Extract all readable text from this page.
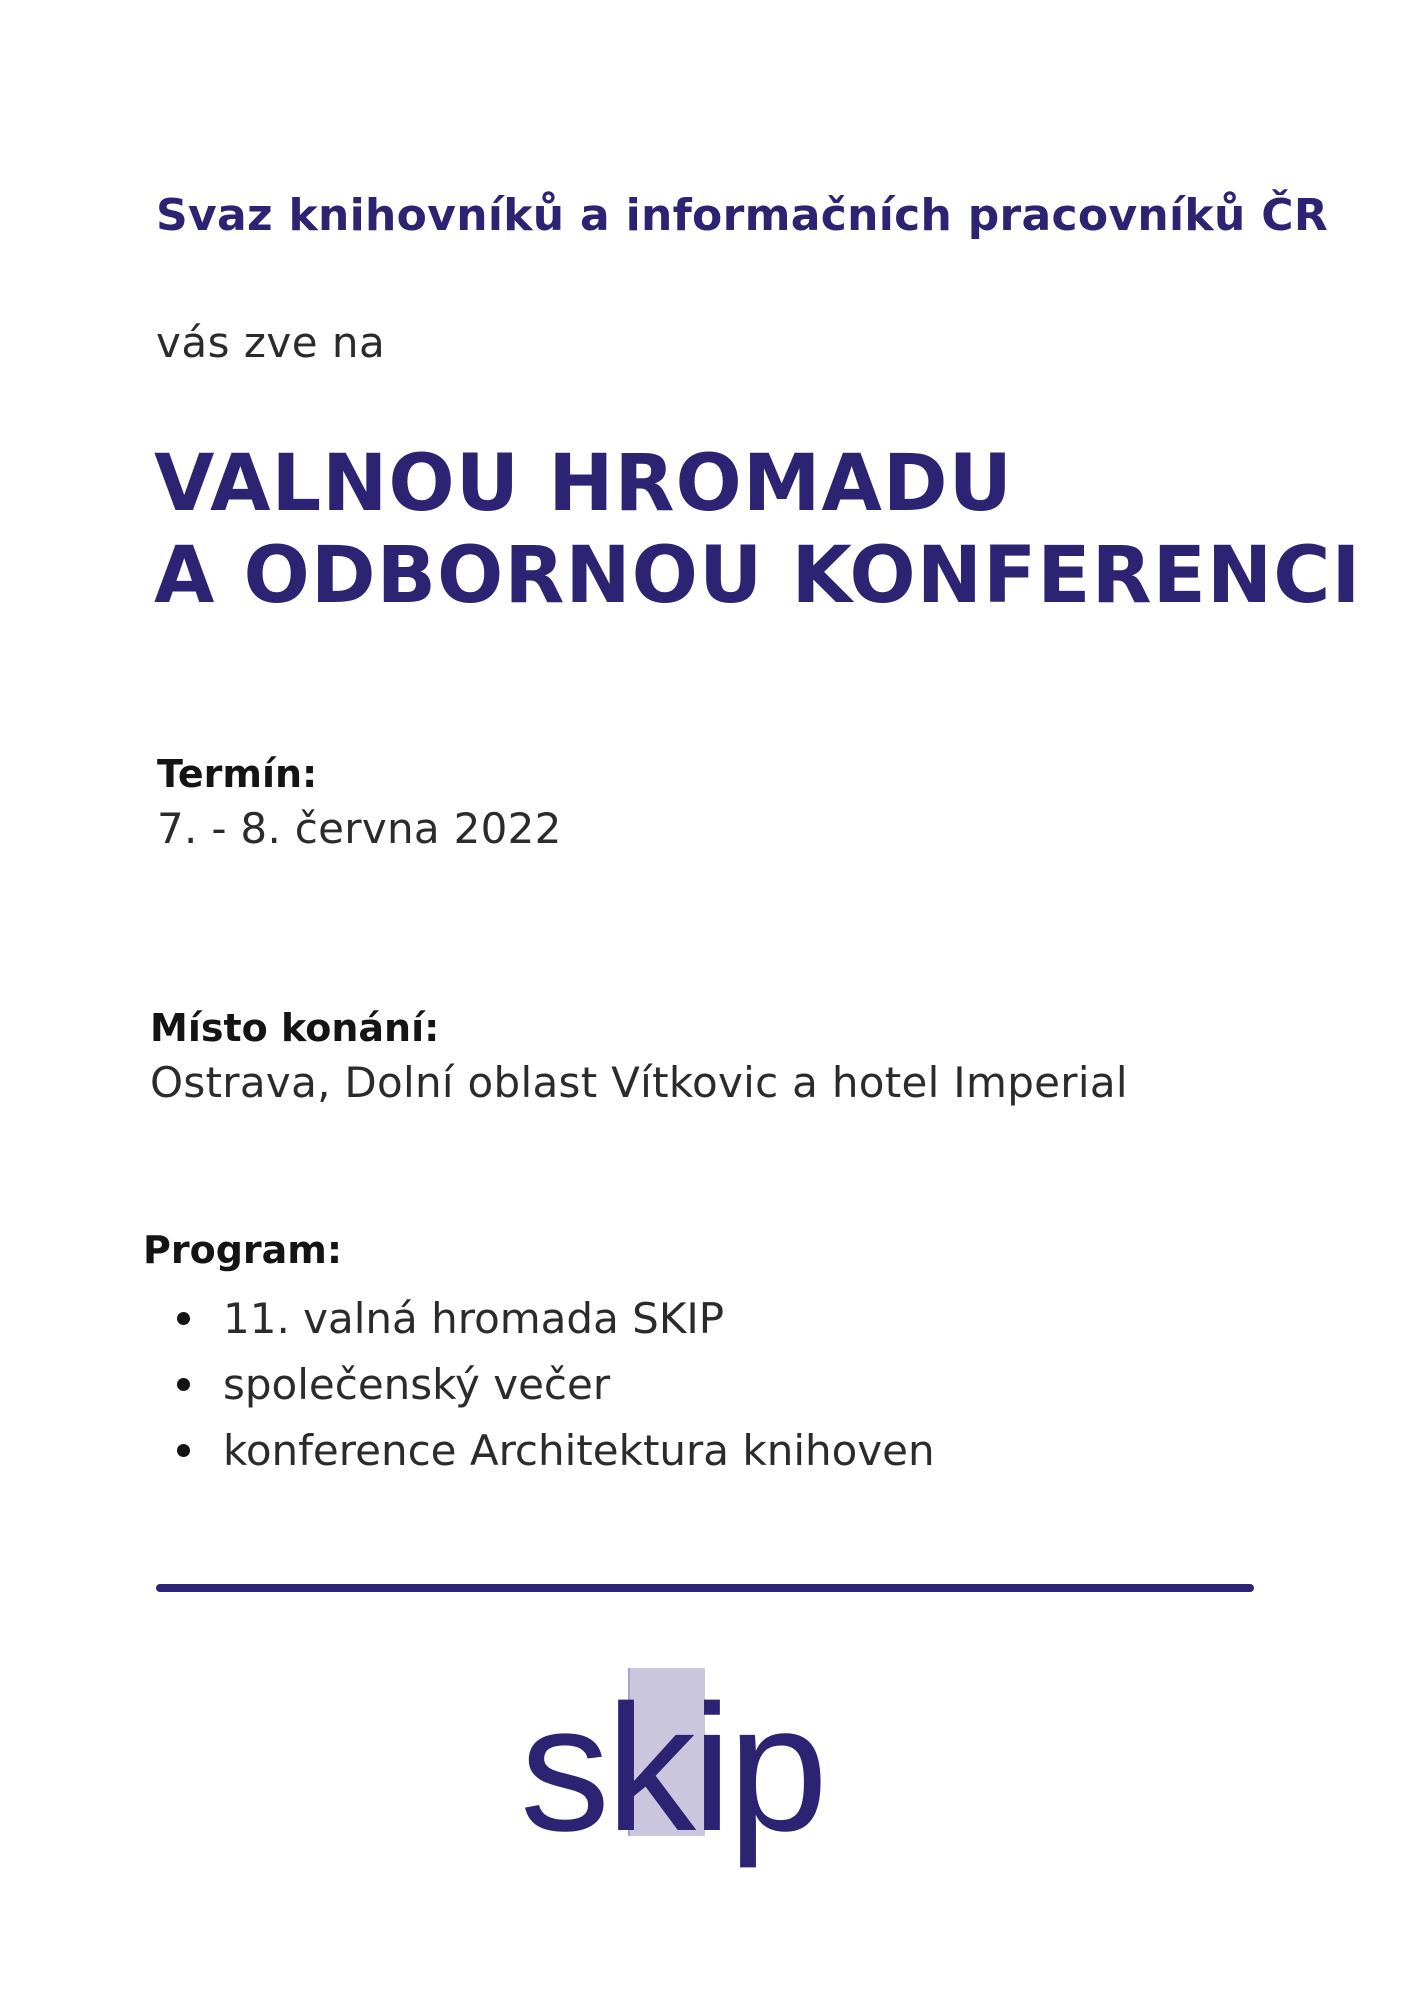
Svaz knihovníků a informačních pracovníků ČR
vás zve na
VALNOU HROMADU
A ODBORNOU KONFERENCI
Termín:
7. - 8. června 2022
Místo konání:
Ostrava, Dolní oblast Vítkovic a hotel Imperial
Program:
11. valná hromada SKIP
společenský večer
konference Architektura knihoven
skip
